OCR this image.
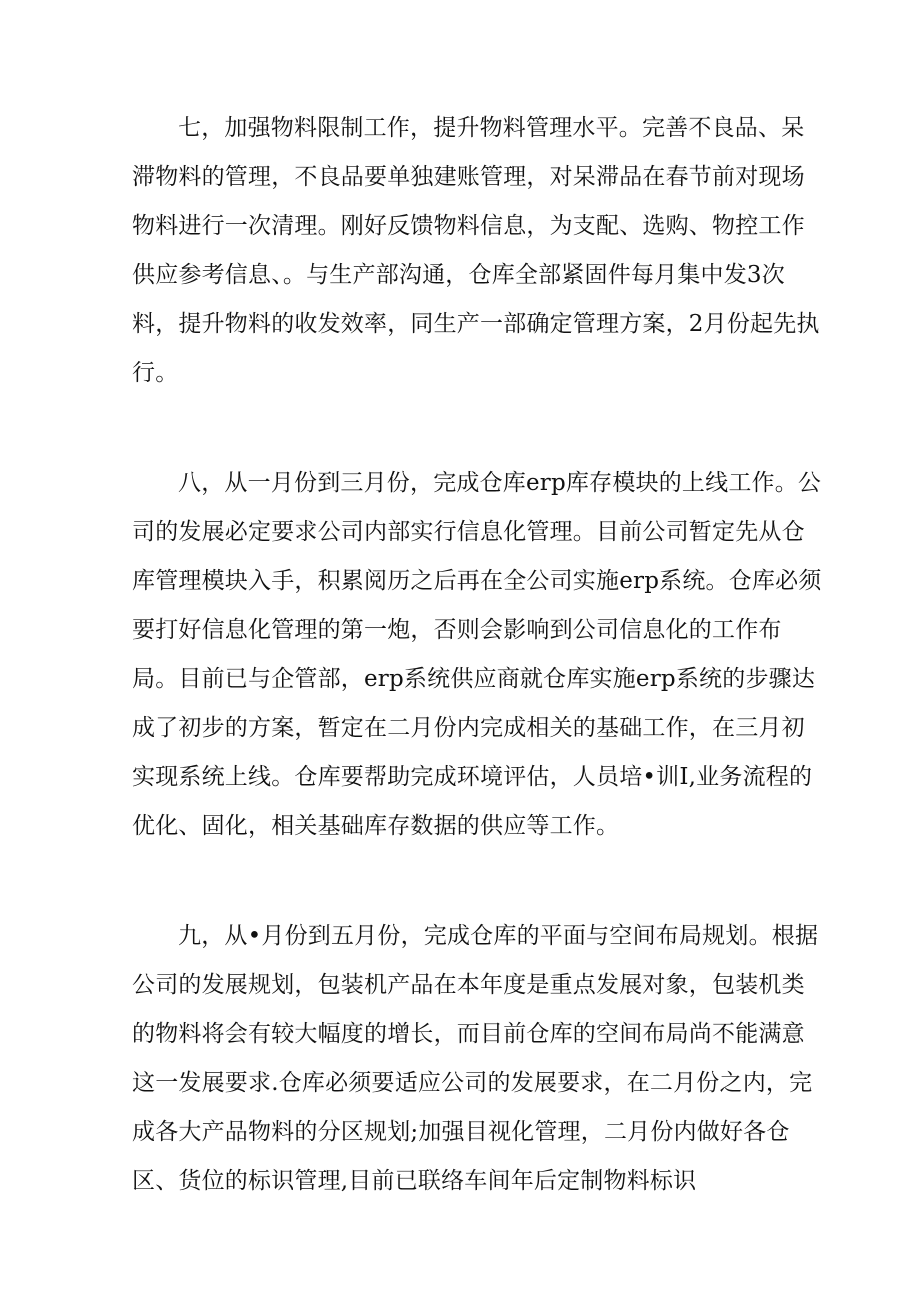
七，加强物料限制工作，提升物料管理水平。完善不良品、呆滞物料的管理，不良品要单独建账管理，对呆滞品在春节前对现场物料进行一次清理。刚好反馈物料信息，为支配、选购、物控工作供应参考信息、。与生产部沟通，仓库全部紧固件每月集中发3次料，提升物料的收发效率，同生产一部确定管理方案，2月份起先执行。

八，从一月份到三月份，完成仓库erp库存模块的上线工作。公司的发展必定要求公司内部实行信息化管理。目前公司暂定先从仓库管理模块入手，积累阅历之后再在全公司实施erp系统。仓库必须要打好信息化管理的第一炮，否则会影响到公司信息化的工作布局。目前已与企管部，erp系统供应商就仓库实施erp系统的步骤达成了初步的方案，暂定在二月份内完成相关的基础工作，在三月初实现系统上线。仓库要帮助完成环境评估，人员培•训I,业务流程的优化、固化，相关基础库存数据的供应等工作。

九，从•月份到五月份，完成仓库的平面与空间布局规划。根据公司的发展规划，包装机产品在本年度是重点发展对象，包装机类的物料将会有较大幅度的增长，而目前仓库的空间布局尚不能满意这一发展要求.仓库必须要适应公司的发展要求，在二月份之内，完成各大产品物料的分区规划;加强目视化管理，二月份内做好各仓区、货位的标识管理,目前已联络车间年后定制物料标识
